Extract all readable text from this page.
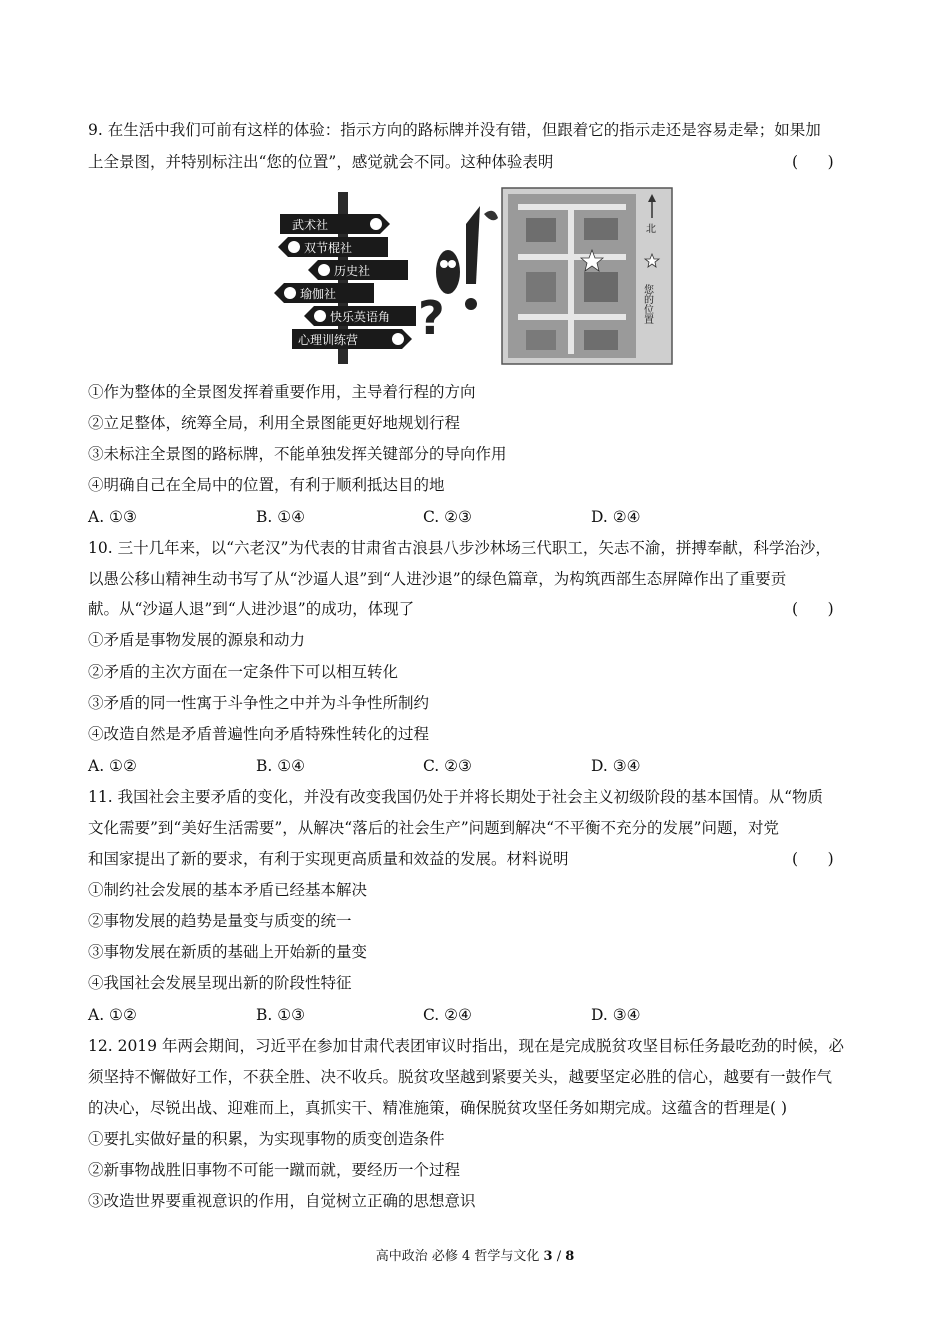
9. 在生活中我们可前有这样的体验：指示方向的路标牌并没有错，但跟着它的指示走还是容易走晕；如果加
上全景图，并特别标注出“您的位置”，感觉就会不同。这种体验表明	(      )
武术社
双节棍社
历史社
瑜伽社
快乐英语角
心理训练营 ?
北
您的位置
①作为整体的全景图发挥着重要作用，主导着行程的方向
②立足整体，统筹全局，利用全景图能更好地规划行程
③未标注全景图的路标牌，不能单独发挥关键部分的导向作用
④明确自己在全局中的位置，有利于顺利抵达目的地
A. ①③	B. ①④	C. ②③	D. ②④
10. 三十几年来，以“六老汉”为代表的甘肃省古浪县八步沙林场三代职工，矢志不渝，拼搏奉献，科学治沙，
以愚公移山精神生动书写了从“沙逼人退”到“人进沙退”的绿色篇章，为构筑西部生态屏障作出了重要贡
献。从“沙逼人退”到“人进沙退”的成功，体现了	(      )
①矛盾是事物发展的源泉和动力
②矛盾的主次方面在一定条件下可以相互转化
③矛盾的同一性寓于斗争性之中并为斗争性所制约
④改造自然是矛盾普遍性向矛盾特殊性转化的过程
A. ①②	B. ①④	C. ②③	D. ③④
11. 我国社会主要矛盾的变化，并没有改变我国仍处于并将长期处于社会主义初级阶段的基本国情。从“物质
文化需要”到“美好生活需要”，从解决“落后的社会生产”问题到解决“不平衡不充分的发展”问题，对党
和国家提出了新的要求，有利于实现更高质量和效益的发展。材料说明	(      )
①制约社会发展的基本矛盾已经基本解决
②事物发展的趋势是量变与质变的统一
③事物发展在新质的基础上开始新的量变
④我国社会发展呈现出新的阶段性特征
A. ①②	B. ①③	C. ②④	D. ③④
12. 2019 年两会期间，习近平在参加甘肃代表团审议时指出，现在是完成脱贫攻坚目标任务最吃劲的时候，必
须坚持不懈做好工作，不获全胜、决不收兵。脱贫攻坚越到紧要关头，越要坚定必胜的信心，越要有一鼓作气
的决心，尽锐出战、迎难而上，真抓实干、精准施策，确保脱贫攻坚任务如期完成。这蕴含的哲理是( )
①要扎实做好量的积累，为实现事物的质变创造条件
②新事物战胜旧事物不可能一蹴而就，要经历一个过程
③改造世界要重视意识的作用，自觉树立正确的思想意识
高中政治 必修 4 哲学与文化 3 / 8
